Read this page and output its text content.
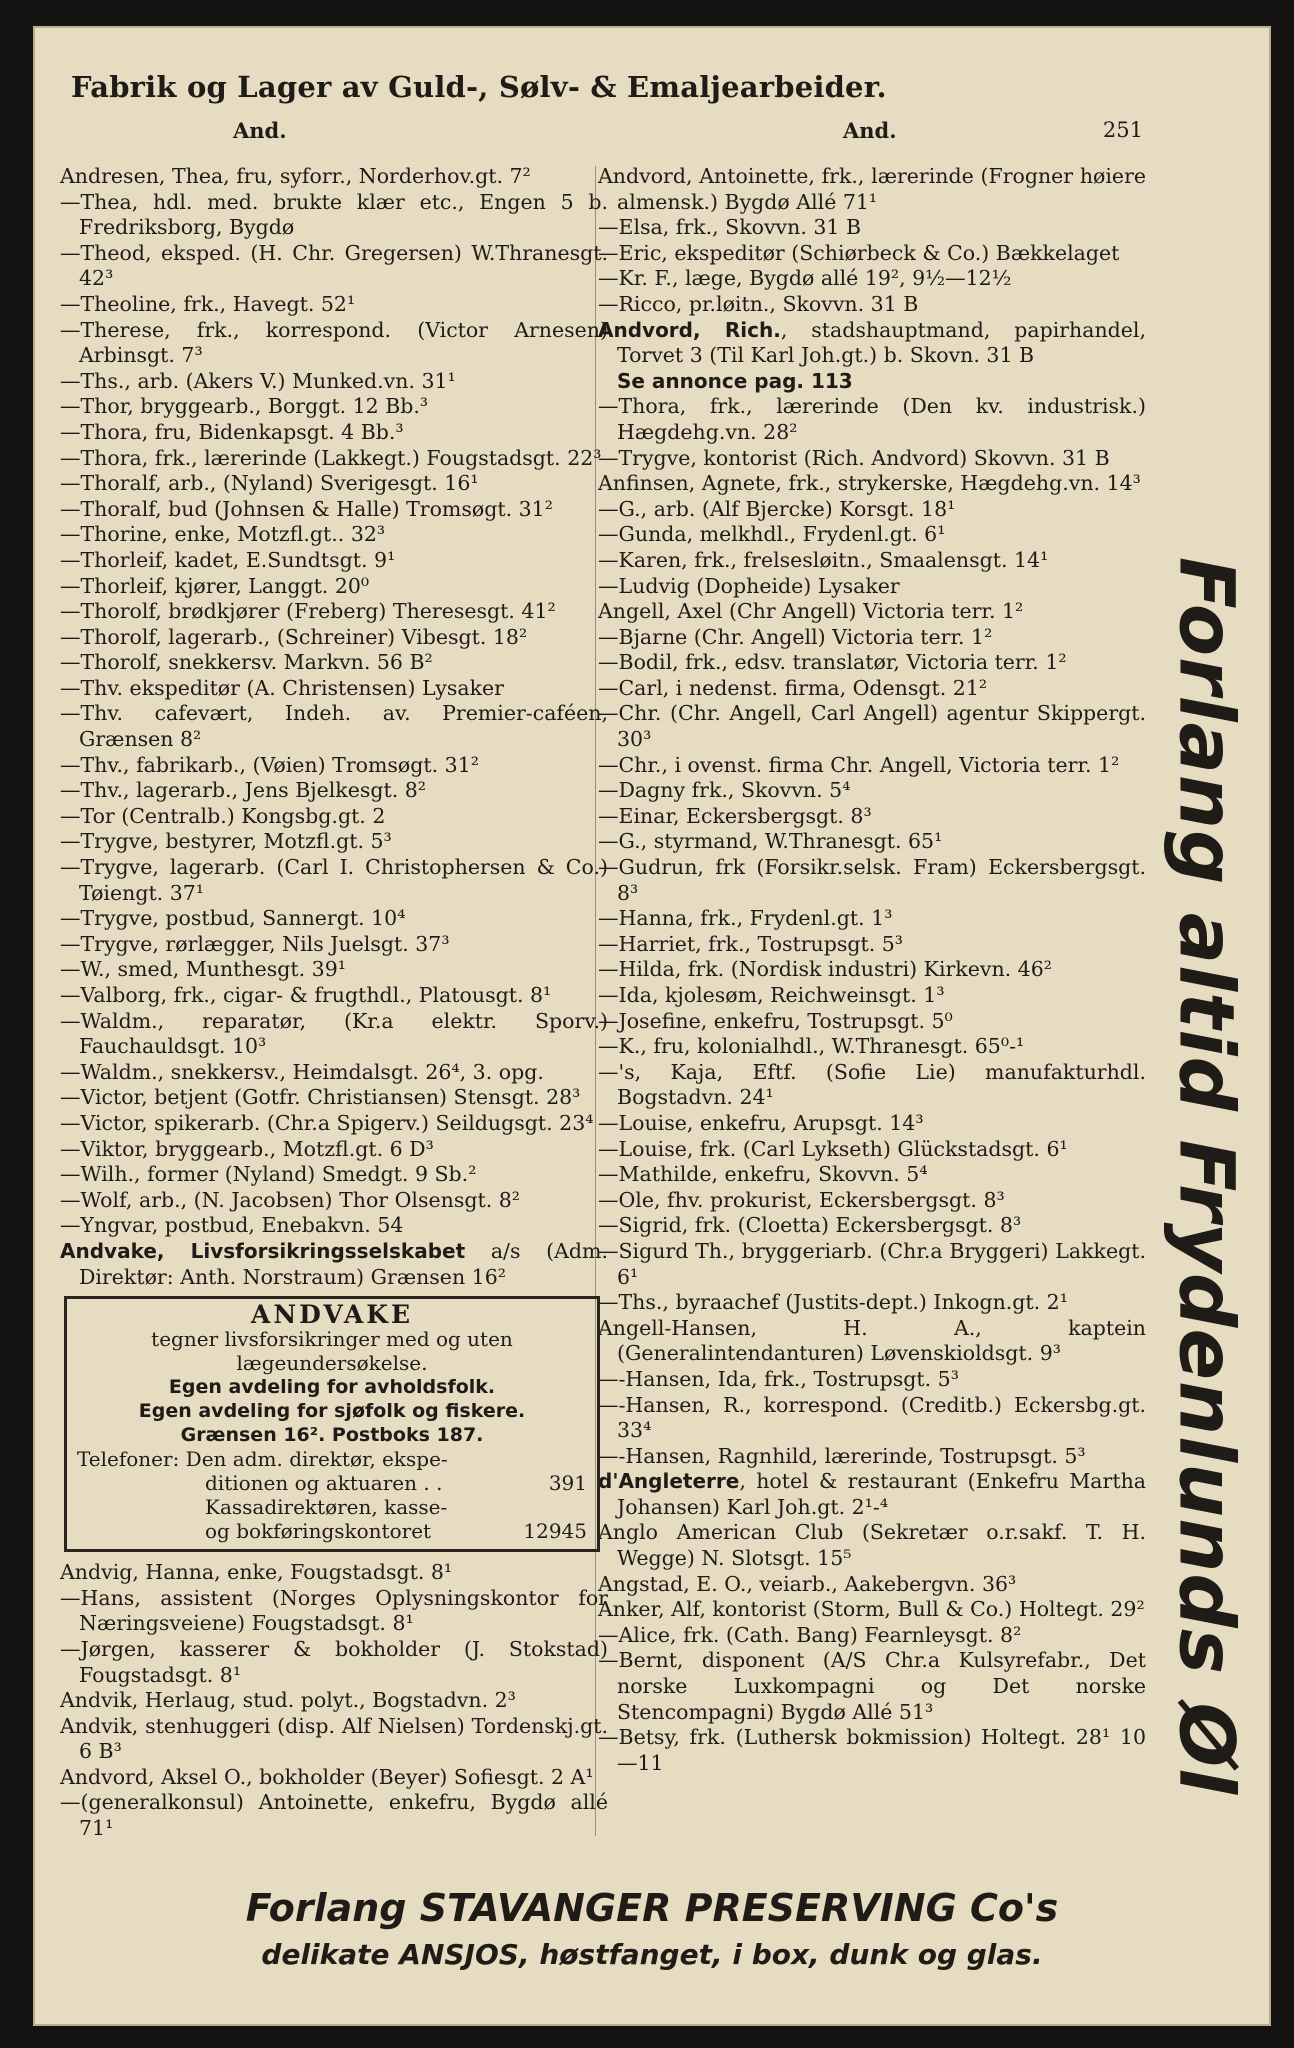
Fabrik og Lager av Guld-, Sølv- & Emaljearbeider.
And.	And.	251
Andresen, Thea, fru, syforr., Norderhov.gt. 7²
—Thea, hdl. med. brukte klær etc., Engen 5 b. Fredriksborg, Bygdø
—Theod, eksped. (H. Chr. Gregersen) W.Thranesgt. 42³
—Theoline, frk., Havegt. 52¹
—Therese, frk., korrespond. (Victor Arnesen) Arbinsgt. 7³
—Ths., arb. (Akers V.) Munked.vn. 31¹
—Thor, bryggearb., Borggt. 12 Bb.³
—Thora, fru, Bidenkapsgt. 4 Bb.³
—Thora, frk., lærerinde (Lakkegt.) Fougstadsgt. 22³
—Thoralf, arb., (Nyland) Sverigesgt. 16¹
—Thoralf, bud (Johnsen & Halle) Tromsøgt. 31²
—Thorine, enke, Motzfl.gt.. 32³
—Thorleif, kadet, E.Sundtsgt. 9¹
—Thorleif, kjører, Langgt. 20⁰
—Thorolf, brødkjører (Freberg) Theresesgt. 41²
—Thorolf, lagerarb., (Schreiner) Vibesgt. 18²
—Thorolf, snekkersv. Markvn. 56 B²
—Thv. ekspeditør (A. Christensen) Lysaker
—Thv. cafevært, Indeh. av. Premier-caféen, Grænsen 8²
—Thv., fabrikarb., (Vøien) Tromsøgt. 31²
—Thv., lagerarb., Jens Bjelkesgt. 8²
—Tor (Centralb.) Kongsbg.gt. 2
—Trygve, bestyrer, Motzfl.gt. 5³
—Trygve, lagerarb. (Carl I. Christophersen & Co.) Tøiengt. 37¹
—Trygve, postbud, Sannergt. 10⁴
—Trygve, rørlægger, Nils Juelsgt. 37³
—W., smed, Munthesgt. 39¹
—Valborg, frk., cigar- & frugthdl., Platousgt. 8¹
—Waldm., reparatør, (Kr.a elektr. Sporv.) Fauchauldsgt. 10³
—Waldm., snekkersv., Heimdalsgt. 26⁴, 3. opg.
—Victor, betjent (Gotfr. Christiansen) Stensgt. 28³
—Victor, spikerarb. (Chr.a Spigerv.) Seildugsgt. 23⁴
—Viktor, bryggearb., Motzfl.gt. 6 D³
—Wilh., former (Nyland) Smedgt. 9 Sb.²
—Wolf, arb., (N. Jacobsen) Thor Olsensgt. 8²
—Yngvar, postbud, Enebakvn. 54
Andvake, Livsforsikringsselskabet a/s (Adm. Direktør: Anth. Norstraum) Grænsen 16²
ANDVAKE
tegner livsforsikringer med og uten lægeundersøkelse.
Egen avdeling for avholdsfolk.
Egen avdeling for sjøfolk og fiskere.
Grænsen 16². Postboks 187.
Telefoner: Den adm. direktør, ekspe-
ditionen og aktuaren . .	391
Kassadirektøren, kasse-
og bokføringskontoret	12945
Andvig, Hanna, enke, Fougstadsgt. 8¹
—Hans, assistent (Norges Oplysningskontor for Næringsveiene) Fougstadsgt. 8¹
—Jørgen, kasserer & bokholder (J. Stokstad) Fougstadsgt. 8¹
Andvik, Herlaug, stud. polyt., Bogstadvn. 2³
Andvik, stenhuggeri (disp. Alf Nielsen) Tordenskj.gt. 6 B³
Andvord, Aksel O., bokholder (Beyer) Sofiesgt. 2 A¹
—(generalkonsul) Antoinette, enkefru, Bygdø allé 71¹
Andvord, Antoinette, frk., lærerinde (Frogner høiere almensk.) Bygdø Allé 71¹
—Elsa, frk., Skovvn. 31 B
—Eric, ekspeditør (Schiørbeck & Co.) Bækkelaget
—Kr. F., læge, Bygdø allé 19², 9½—12½
—Ricco, pr.løitn., Skovvn. 31 B
Andvord, Rich., stadshauptmand, papirhandel, Torvet 3 (Til Karl Joh.gt.) b. Skovn. 31 B
Se annonce pag. 113
—Thora, frk., lærerinde (Den kv. industrisk.) Hægdehg.vn. 28²
—Trygve, kontorist (Rich. Andvord) Skovvn. 31 B
Anfinsen, Agnete, frk., strykerske, Hægdehg.vn. 14³
—G., arb. (Alf Bjercke) Korsgt. 18¹
—Gunda, melkhdl., Frydenl.gt. 6¹
—Karen, frk., frelsesløitn., Smaalensgt. 14¹
—Ludvig (Dopheide) Lysaker
Angell, Axel (Chr Angell) Victoria terr. 1²
—Bjarne (Chr. Angell) Victoria terr. 1²
—Bodil, frk., edsv. translatør, Victoria terr. 1²
—Carl, i nedenst. firma, Odensgt. 21²
—Chr. (Chr. Angell, Carl Angell) agentur Skippergt. 30³
—Chr., i ovenst. firma Chr. Angell, Victoria terr. 1²
—Dagny frk., Skovvn. 5⁴
—Einar, Eckersbergsgt. 8³
—G., styrmand, W.Thranesgt. 65¹
—Gudrun, frk (Forsikr.selsk. Fram) Eckersbergsgt. 8³
—Hanna, frk., Frydenl.gt. 1³
—Harriet, frk., Tostrupsgt. 5³
—Hilda, frk. (Nordisk industri) Kirkevn. 46²
—Ida, kjolesøm, Reichweinsgt. 1³
—Josefine, enkefru, Tostrupsgt. 5⁰
—K., fru, kolonialhdl., W.Thranesgt. 65⁰-¹
—'s, Kaja, Eftf. (Sofie Lie) manufakturhdl. Bogstadvn. 24¹
—Louise, enkefru, Arupsgt. 14³
—Louise, frk. (Carl Lykseth) Glückstadsgt. 6¹
—Mathilde, enkefru, Skovvn. 5⁴
—Ole, fhv. prokurist, Eckersbergsgt. 8³
—Sigrid, frk. (Cloetta) Eckersbergsgt. 8³
—Sigurd Th., bryggeriarb. (Chr.a Bryggeri) Lakkegt. 6¹
—Ths., byraachef (Justits-dept.) Inkogn.gt. 2¹
Angell-Hansen, H. A., kaptein (Generalintendanturen) Løvenskioldsgt. 9³
—-Hansen, Ida, frk., Tostrupsgt. 5³
—-Hansen, R., korrespond. (Creditb.) Eckersbg.gt. 33⁴
—-Hansen, Ragnhild, lærerinde, Tostrupsgt. 5³
d'Angleterre, hotel & restaurant (Enkefru Martha Johansen) Karl Joh.gt. 2¹-⁴
Anglo American Club (Sekretær o.r.sakf. T. H. Wegge) N. Slotsgt. 15⁵
Angstad, E. O., veiarb., Aakebergvn. 36³
Anker, Alf, kontorist (Storm, Bull & Co.) Holtegt. 29²
—Alice, frk. (Cath. Bang) Fearnleysgt. 8²
—Bernt, disponent (A/S Chr.a Kulsyrefabr., Det norske Luxkompagni og Det norske Stencompagni) Bygdø Allé 51³
—Betsy, frk. (Luthersk bokmission) Holtegt. 28¹ 10—11	Forlang altid Frydenlunds Øl
Forlang STAVANGER PRESERVING Co's
delikate ANSJOS, høstfanget, i box, dunk og glas.
